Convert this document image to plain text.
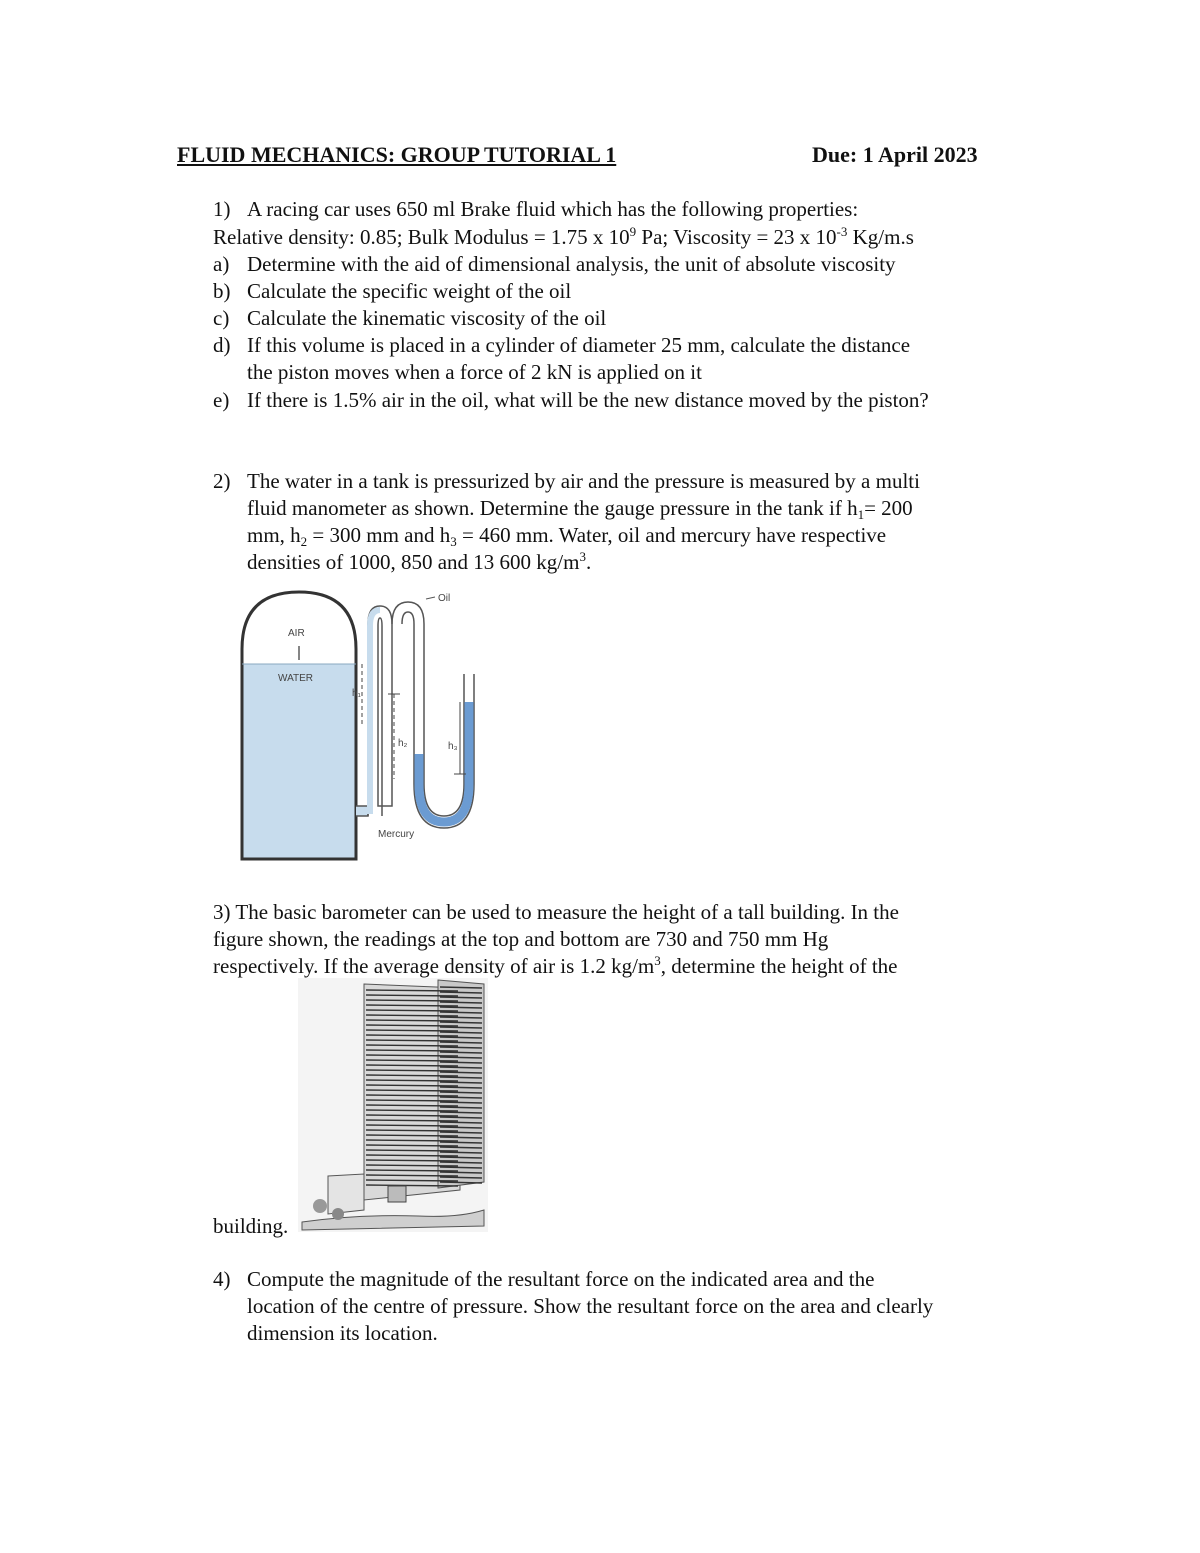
FLUID MECHANICS: GROUP TUTORIAL 1	Due: 1 April 2023
1) A racing car uses 650 ml Brake fluid which has the following properties:
Relative density: 0.85; Bulk Modulus = 1.75 x $10^9$ Pa; Viscosity = 23 x $10^{-3}$ Kg/m.s
a) Determine with the aid of dimensional analysis, the unit of absolute viscosity
b) Calculate the specific weight of the oil
c) Calculate the kinematic viscosity of the oil
d) If this volume is placed in a cylinder of diameter 25 mm, calculate the distance
the piston moves when a force of 2 kN is applied on it
e) If there is 1.5% air in the oil, what will be the new distance moved by the piston?
2) The water in a tank is pressurized by air and the pressure is measured by a multi
fluid manometer as shown. Determine the gauge pressure in the tank if $h_1= 200$
mm, $h_2 = 300$ mm and $h_3 = 460$ mm. Water, oil and mercury have respective
densities of 1000, 850 and 13 600 $kg/m^3$.
AIR
WATER
Oil
Mercury
h₁
h₂	h₃
3) The basic barometer can be used to measure the height of a tall building. In the
figure shown, the readings at the top and bottom are 730 and 750 mm Hg
respectively. If the average density of air is 1.2 $kg/m^3$, determine the height of the
building.
4) Compute the magnitude of the resultant force on the indicated area and the
location of the centre of pressure. Show the resultant force on the area and clearly
dimension its location.
